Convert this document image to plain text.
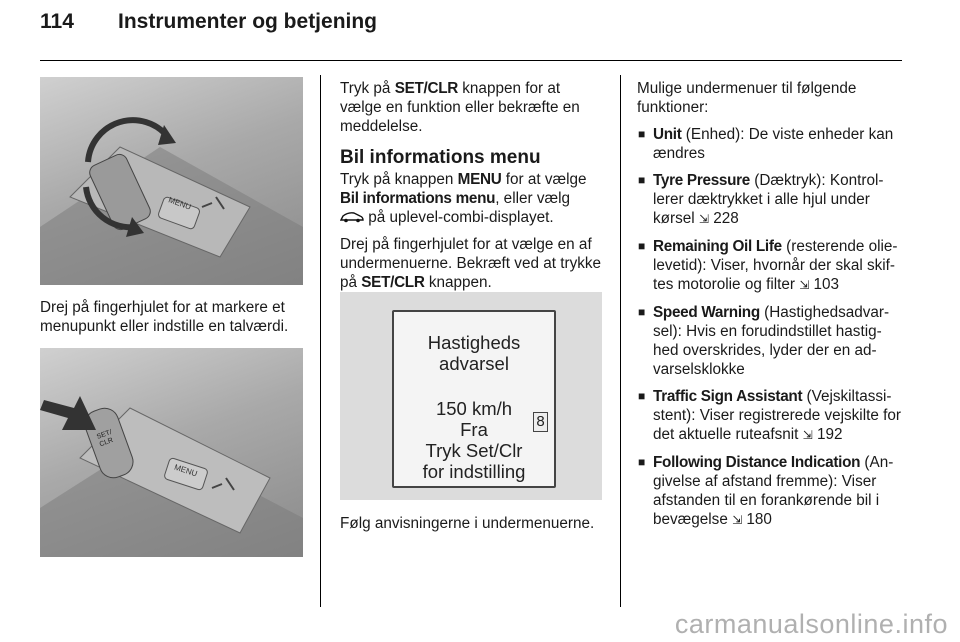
114 Instrumenter og betjening
MENU
Drej på fingerhjulet for at markere et menupunkt eller indstille en talværdi.
SET/ CLR
MENU

Tryk på SET/CLR knappen for at vælge en funktion eller bekræfte en meddelelse.

Bil informations menu

Tryk på knappen MENU for at vælge Bil informations menu, eller vælg
på uplevel-combi-displayet.

Drej på fingerhjulet for at vælge en af undermenuerne. Bekræft ved at trykke på SET/CLR knappen.

Hastigheds
advarsel
150 km/h
Fra
Tryk Set/Clr
for indstilling
8
Følg anvisningerne i undermenuerne.

Mulige undermenuer til følgende funktioner:

■ Unit (Enhed): De viste enheder kan ændres
■ Tyre Pressure (Dæktryk): Kontrol-lerer dæktrykket i alle hjul under kørsel ⇲ 228
■ Remaining Oil Life (resterende olie-levetid): Viser, hvornår der skal skif-tes motorolie og filter ⇲ 103
■ Speed Warning (Hastighedsadvar-sel): Hvis en forudindstillet hastig-hed overskrides, lyder der en ad-varselsklokke
■ Traffic Sign Assistant (Vejskiltassi-stent): Viser registrerede vejskilte for det aktuelle ruteafsnit ⇲ 192
■ Following Distance Indication (An-givelse af afstand fremme): Viser afstanden til en forankørende bil i bevægelse ⇲ 180
carmanualsonline.info
